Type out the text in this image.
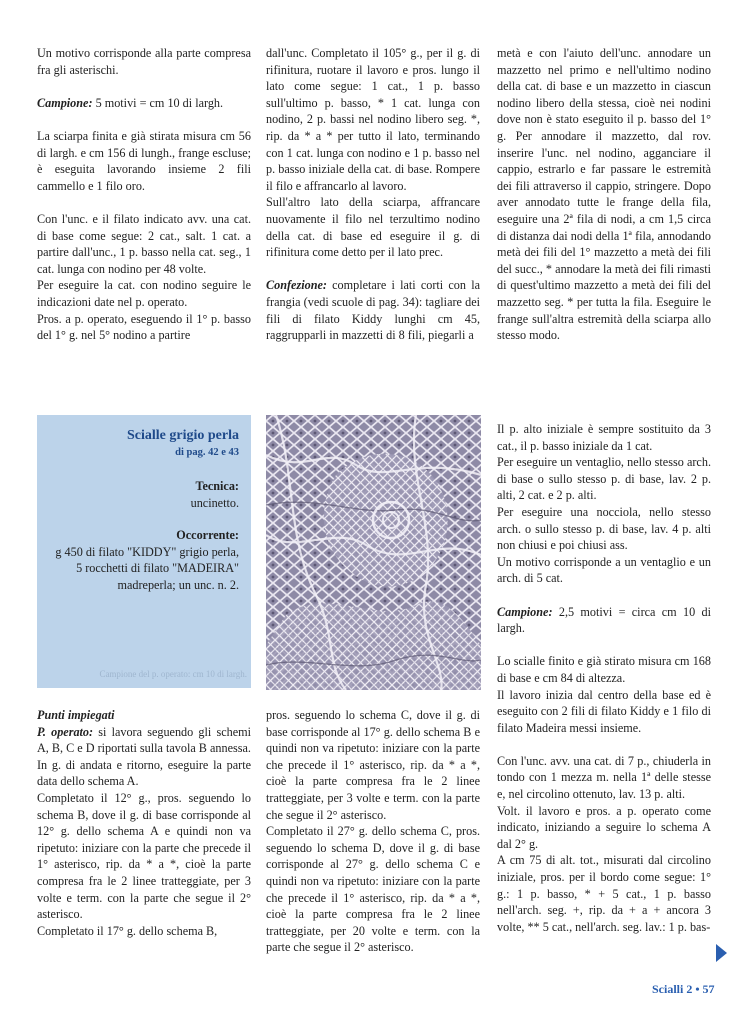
Un motivo corrisponde alla parte compresa fra gli asterischi.

Campione: 5 motivi = cm 10 di largh.

La sciarpa finita e già stirata misura cm 56 di largh. e cm 156 di lungh., frange escluse; è eseguita lavorando insieme 2 fili cammello e 1 filo oro.

Con l'unc. e il filato indicato avv. una cat. di base come segue: 2 cat., salt. 1 cat. a partire dall'unc., 1 p. basso nella cat. seg., 1 cat. lunga con nodino per 48 volte.

Per eseguire la cat. con nodino seguire le indicazioni date nel p. operato.

Pros. a p. operato, eseguendo il 1° p. basso del 1° g. nel 5° nodino a partire

dall'unc. Completato il 105° g., per il g. di rifinitura, ruotare il lavoro e pros. lungo il lato come segue: 1 cat., 1 p. basso sull'ultimo p. basso, * 1 cat. lunga con nodino, 2 p. bassi nel nodino libero seg. *, rip. da * a * per tutto il lato, terminando con 1 cat. lunga con nodino e 1 p. basso nel p. basso iniziale della cat. di base. Rompere il filo e affrancarlo al lavoro.

Sull'altro lato della sciarpa, affrancare nuovamente il filo nel terzultimo nodino della cat. di base ed eseguire il g. di rifinitura come detto per il lato prec.

Confezione: completare i lati corti con la frangia (vedi scuole di pag. 34): tagliare dei fili di filato Kiddy lunghi cm 45, raggrupparli in mazzetti di 8 fili, piegarli a

metà e con l'aiuto dell'unc. annodare un mazzetto nel primo e nell'ultimo nodino della cat. di base e un mazzetto in ciascun nodino libero della stessa, cioè nei nodini dove non è stato eseguito il p. basso del 1° g. Per annodare il mazzetto, dal rov. inserire l'unc. nel nodino, agganciare il cappio, estrarlo e far passare le estremità dei fili attraverso il cappio, stringere. Dopo aver annodato tutte le frange della fila, eseguire una 2ª fila di nodi, a cm 1,5 circa di distanza dai nodi della 1ª fila, annodando metà dei fili del 1° mazzetto a metà dei fili del succ., * annodare la metà dei fili rimasti di quest'ultimo mazzetto a metà dei fili del mazzetto seg. * per tutta la fila. Eseguire le frange sull'altra estremità della sciarpa allo stesso modo.

Scialle grigio perla
di pag. 42 e 43
Tecnica:
uncinetto.
Occorrente:
g 450 di filato "KIDDY" grigio perla, 5 rocchetti di filato "MADEIRA" madreperla; un unc. n. 2.
Campione del p. operato: cm 10 di largh.

Punti impiegati

P. operato: si lavora seguendo gli schemi A, B, C e D riportati sulla tavola B annessa.

In g. di andata e ritorno, eseguire la parte data dello schema A.

Completato il 12° g., pros. seguendo lo schema B, dove il g. di base corrisponde al 12° g. dello schema A e quindi non va ripetuto: iniziare con la parte che precede il 1° asterisco, rip. da * a *, cioè la parte compresa fra le 2 linee tratteggiate, per 3 volte e term. con la parte che segue il 2° asterisco.

Completato il 17° g. dello schema B,

pros. seguendo lo schema C, dove il g. di base corrisponde al 17° g. dello schema B e quindi non va ripetuto: iniziare con la parte che precede il 1° asterisco, rip. da * a *, cioè la parte compresa fra le 2 linee tratteggiate, per 3 volte e term. con la parte che segue il 2° asterisco.

Completato il 27° g. dello schema C, pros. seguendo lo schema D, dove il g. di base corrisponde al 27° g. dello schema C e quindi non va ripetuto: iniziare con la parte che precede il 1° asterisco, rip. da * a *, cioè la parte compresa fra le 2 linee tratteggiate, per 20 volte e term. con la parte che segue il 2° asterisco.

Il p. alto iniziale è sempre sostituito da 3 cat., il p. basso iniziale da 1 cat.

Per eseguire un ventaglio, nello stesso arch. di base o sullo stesso p. di base, lav. 2 p. alti, 2 cat. e 2 p. alti.

Per eseguire una nocciola, nello stesso arch. o sullo stesso p. di base, lav. 4 p. alti non chiusi e poi chiusi ass.

Un motivo corrisponde a un ventaglio e un arch. di 5 cat.

Campione: 2,5 motivi = circa cm 10 di largh.

Lo scialle finito e già stirato misura cm 168 di base e cm 84 di altezza.

Il lavoro inizia dal centro della base ed è eseguito con 2 fili di filato Kiddy e 1 filo di filato Madeira messi insieme.

Con l'unc. avv. una cat. di 7 p., chiuderla in tondo con 1 mezza m. nella 1ª delle stesse e, nel circolino ottenuto, lav. 13 p. alti.

Volt. il lavoro e pros. a p. operato come indicato, iniziando a seguire lo schema A dal 2° g.

A cm 75 di alt. tot., misurati dal circolino iniziale, pros. per il bordo come segue: 1° g.: 1 p. basso, * + 5 cat., 1 p. basso nell'arch. seg. +, rip. da + a + ancora 3 volte, ** 5 cat., nell'arch. seg. lav.: 1 p. bas-

Scialli 2 • 57
